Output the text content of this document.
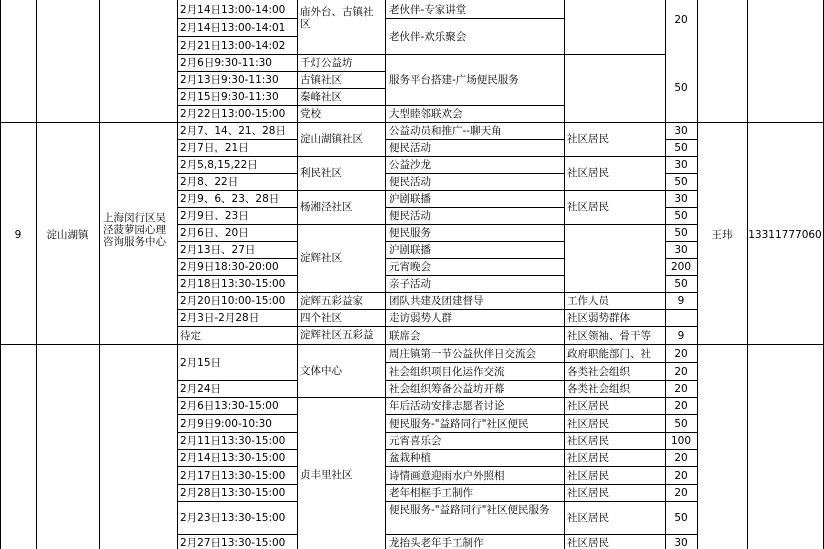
2月14日13:00-14:00
2月14日13:00-14:01
2月21日13:00-14:02
2月6日9:30-11:30
2月13日9:30-11:30
2月15日9:30-11:30
2月22日13:00-15:00
庙外台、古镇社区
千灯公益坊
古镇社区
秦峰社区
党校
老伙伴-专家讲堂
老伙伴-欢乐聚会
服务平台搭建-广场便民服务
大型睦邻联欢会
20
50
9	淀山湖镇
上海闵行区吴泾菠萝园心理咨询服务中心
王玮	13311777060
2月7、14、21、28日
2月7日，21日
2月5,8,15,22日
2月8、22日
2月9、6、23、28日
2月9日、23日
2月6日、20日
2月13日、27日
2月9日18:30-20:00
2月18日13:30-15:00
2月20日10:00-15:00
2月3日-2月28日
待定
淀山湖镇社区
利民社区
杨湘泾社区
淀辉社区
淀辉五彩益家
四个社区
淀辉社区五彩益
公益动员和推广--聊天角
便民活动
公益沙龙
便民活动
沪剧联播
便民活动
便民服务
沪剧联播
元宵晚会
亲子活动
团队共建及团建督导
走访弱势人群
联席会
社区居民
社区居民
社区居民
工作人员
社区弱势群体
社区领袖、骨干等
30
50
30
50
30
50
50
30
200
50
9
9
2月15日
2月24日
2月6日13:30-15:00
2月9日9:00-10:30
2月11日13:30-15:00
2月14日13:30-15:00
2月17日13:30-15:00
2月28日13:30-15:00
2月23日13:30-15:00
2月27日13:30-15:00
文体中心
贞丰里社区
周庄镇第一节公益伙伴日交流会
社会组织项目化运作交流
社会组织筹备公益坊开幕
年后活动安排志愿者讨论
便民服务-"益路同行"社区便民
元宵喜乐会
盆栽种植
诗情画意迎雨水户外照相
老年相框手工制作
便民服务-"益路同行"社区便民服务
龙抬头老年手工制作
政府职能部门、社
各类社会组织
各类社会组织
社区居民
社区居民
社区居民
社区居民
社区居民
社区居民
社区居民
社区居民
20
20
20
20
50
100
20
20
20
50
30
